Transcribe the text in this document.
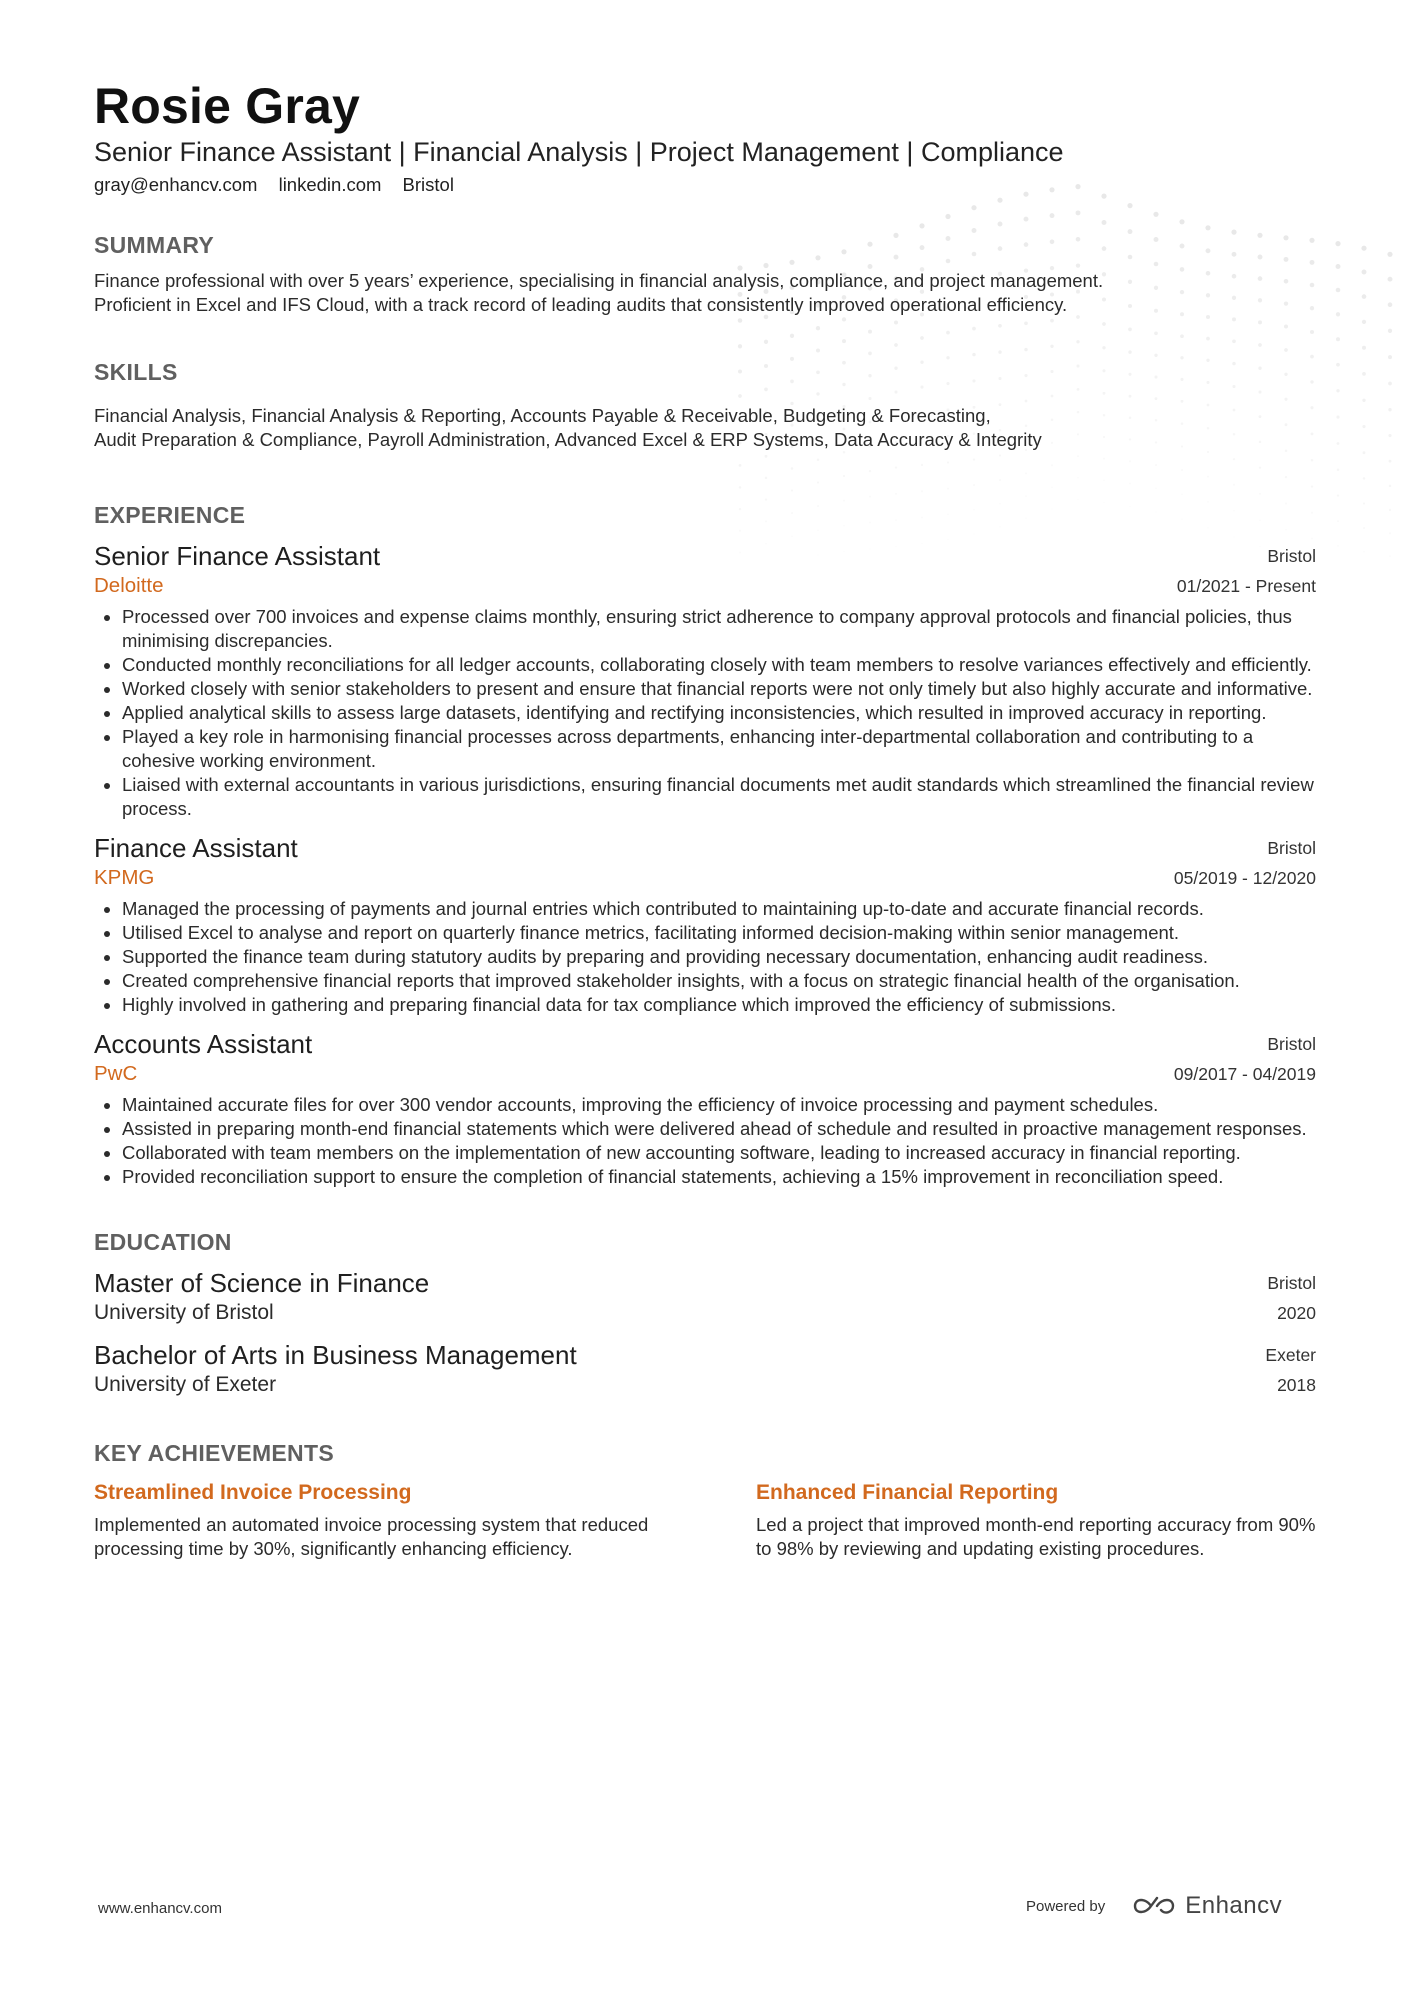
Rosie Gray
Senior Finance Assistant | Financial Analysis | Project Management | Compliance
gray@enhancv.com linkedin.com Bristol
SUMMARY

Finance professional with over 5 years’ experience, specialising in financial analysis, compliance, and project management.
Proficient in Excel and IFS Cloud, with a track record of leading audits that consistently improved operational efficiency.

SKILLS
Financial Analysis, Financial Analysis & Reporting, Accounts Payable & Receivable, Budgeting & Forecasting,
Audit Preparation & Compliance, Payroll Administration, Advanced Excel & ERP Systems, Data Accuracy & Integrity
EXPERIENCE
Senior Finance Assistant
Deloitte
Bristol
01/2021 - Present
• Processed over 700 invoices and expense claims monthly, ensuring strict adherence to company approval protocols and financial policies, thus minimising discrepancies.
• Conducted monthly reconciliations for all ledger accounts, collaborating closely with team members to resolve variances effectively and efficiently.
• Worked closely with senior stakeholders to present and ensure that financial reports were not only timely but also highly accurate and informative.
• Applied analytical skills to assess large datasets, identifying and rectifying inconsistencies, which resulted in improved accuracy in reporting.
• Played a key role in harmonising financial processes across departments, enhancing inter-departmental collaboration and contributing to a cohesive working environment.
• Liaised with external accountants in various jurisdictions, ensuring financial documents met audit standards which streamlined the financial review process.
Finance Assistant
KPMG
Bristol
05/2019 - 12/2020
• Managed the processing of payments and journal entries which contributed to maintaining up-to-date and accurate financial records.
• Utilised Excel to analyse and report on quarterly finance metrics, facilitating informed decision-making within senior management.
• Supported the finance team during statutory audits by preparing and providing necessary documentation, enhancing audit readiness.
• Created comprehensive financial reports that improved stakeholder insights, with a focus on strategic financial health of the organisation.
• Highly involved in gathering and preparing financial data for tax compliance which improved the efficiency of submissions.
Accounts Assistant
PwC
Bristol
09/2017 - 04/2019
• Maintained accurate files for over 300 vendor accounts, improving the efficiency of invoice processing and payment schedules.
• Assisted in preparing month-end financial statements which were delivered ahead of schedule and resulted in proactive management responses.
• Collaborated with team members on the implementation of new accounting software, leading to increased accuracy in financial reporting.
• Provided reconciliation support to ensure the completion of financial statements, achieving a 15% improvement in reconciliation speed.
EDUCATION
Master of Science in Finance
University of Bristol
Bristol
2020
Bachelor of Arts in Business Management
University of Exeter
Exeter
2018
KEY ACHIEVEMENTS
Streamlined Invoice Processing
Implemented an automated invoice processing system that reduced processing time by 30%, significantly enhancing efficiency.
Enhanced Financial Reporting
Led a project that improved month-end reporting accuracy from 90% to 98% by reviewing and updating existing procedures.
www.enhancv.com	Powered by	Enhancv
